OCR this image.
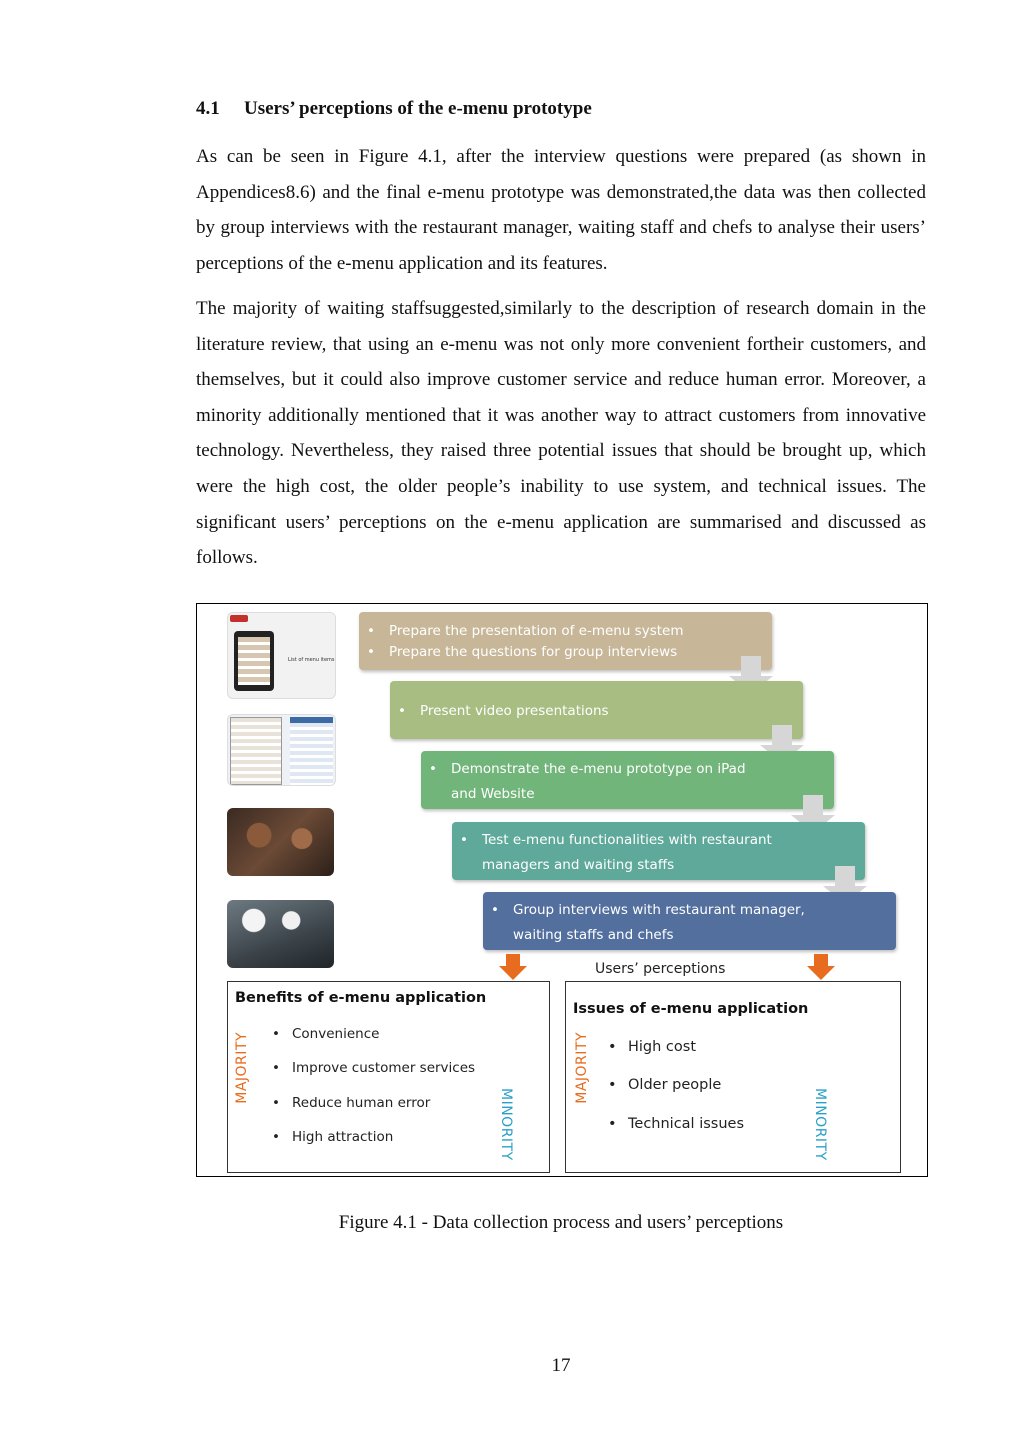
4.1 Users’ perceptions of the e-menu prototype

As can be seen in Figure 4.1, after the interview questions were prepared (as shown in Appendices8.6) and the final e-menu prototype was demonstrated,the data was then collected by group interviews with the restaurant manager, waiting staff and chefs to analyse their users’ perceptions of the e-menu application and its features.

The majority of waiting staffsuggested,similarly to the description of research domain in the literature review, that using an e-menu was not only more convenient fortheir customers, and themselves, but it could also improve customer service and reduce human error. Moreover, a minority additionally mentioned that it was another way to attract customers from innovative technology. Nevertheless, they raised three potential issues that should be brought up, which were the high cost, the older people’s inability to use system, and technical issues. The significant users’ perceptions on the e-menu application are summarised and discussed as follows.

List of menu items
• Prepare the presentation of e-menu system
• Prepare the questions for group interviews
• Present video presentations
• Demonstrate the e-menu prototype on iPad and Website
• Test e-menu functionalities with restaurant managers and waiting staffs
• Group interviews with restaurant manager, waiting staffs and chefs
Users’ perceptions
Benefits of e-menu application
MAJORITY	• Convenience
• Improve customer services
• Reduce human error
• High attraction	MINORITY
Issues of e-menu application
MAJORITY	• High cost
• Older people
• Technical issues	MINORITY
Figure 4.1 - Data collection process and users’ perceptions
17
